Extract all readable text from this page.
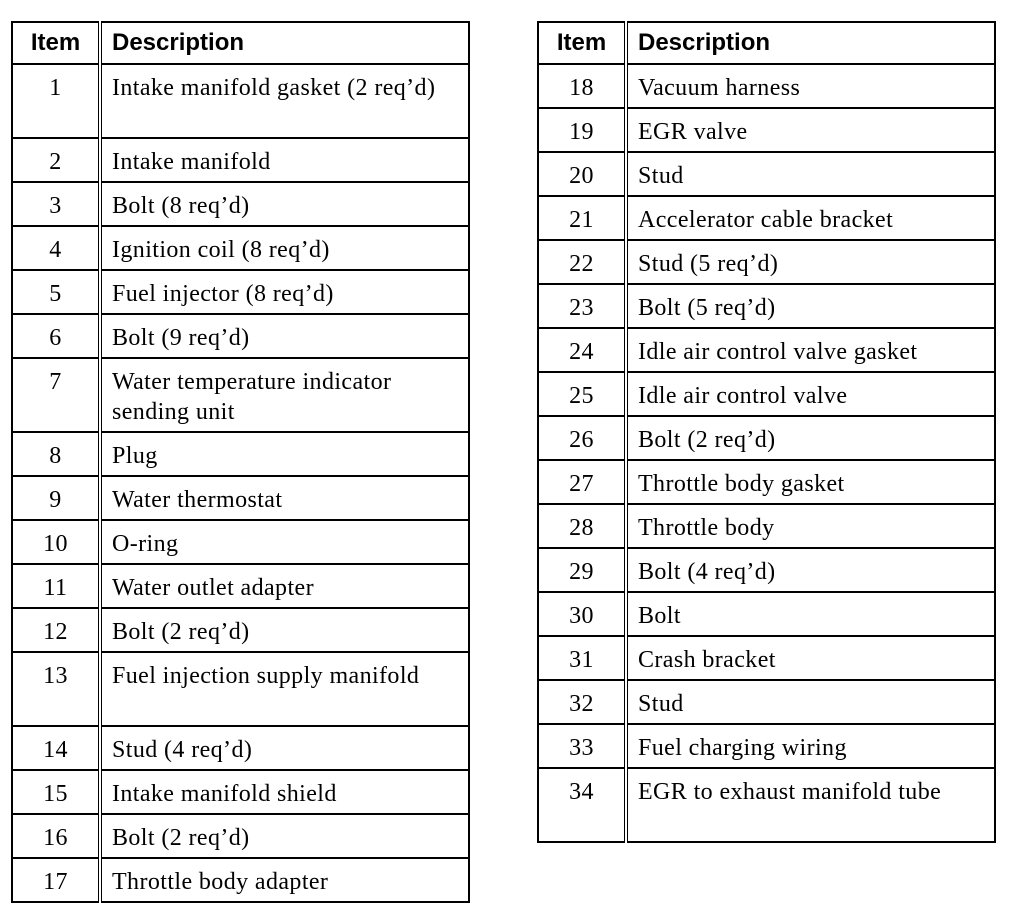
Item	Description
1	Intake manifold gasket (2 req’d)
2	Intake manifold
3	Bolt (8 req’d)
4	Ignition coil (8 req’d)
5	Fuel injector (8 req’d)
6	Bolt (9 req’d)
7	Water temperature indicator sending unit
8	Plug
9	Water thermostat
10	O-ring
11	Water outlet adapter
12	Bolt (2 req’d)
13	Fuel injection supply manifold
14	Stud (4 req’d)
15	Intake manifold shield
16	Bolt (2 req’d)
17	Throttle body adapter
Item	Description
18	Vacuum harness
19	EGR valve
20	Stud
21	Accelerator cable bracket
22	Stud (5 req’d)
23	Bolt (5 req’d)
24	Idle air control valve gasket
25	Idle air control valve
26	Bolt (2 req’d)
27	Throttle body gasket
28	Throttle body
29	Bolt (4 req’d)
30	Bolt
31	Crash bracket
32	Stud
33	Fuel charging wiring
34	EGR to exhaust manifold tube
